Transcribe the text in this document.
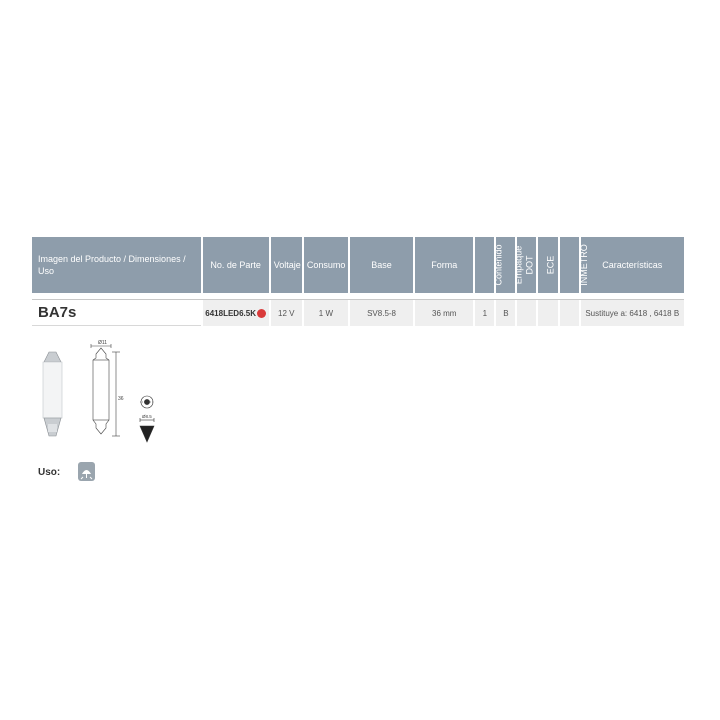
Imagen del Producto / Dimensiones / Uso	No. de Parte	Voltaje	Consumo	Base	Forma	Contenido	Empaque	DOT	ECE	INMETRO	Características

BA7s	6418LED6.5K	12 V	1 W	SV8.5-8	36 mm	1	B				Sustituye a: 6418 , 6418 B
Ø11
36
Ø8.5
Uso:
